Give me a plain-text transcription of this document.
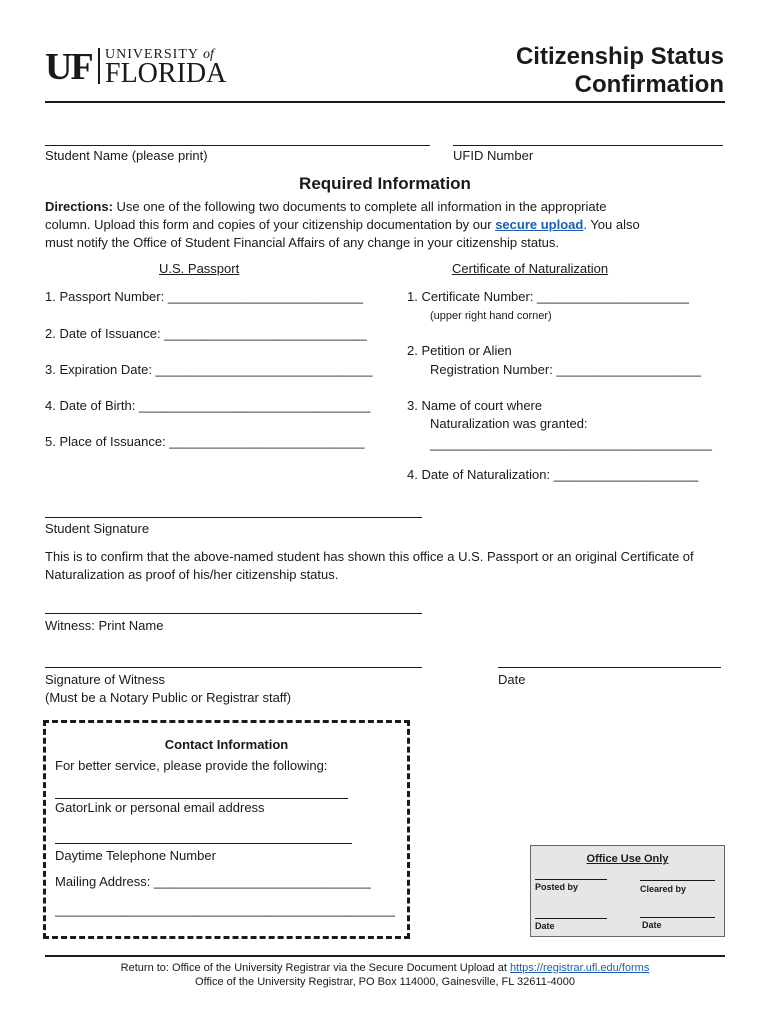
UF UNIVERSITY of
FLORIDA
Citizenship Status
Confirmation
Student Name (please print)	UFID Number
Required Information
Directions: Use one of the following two documents to complete all information in the appropriate column. Upload this form and copies of your citizenship documentation by our secure upload. You also must notify the Office of Student Financial Affairs of any change in your citizenship status.
U.S. Passport
1. Passport Number: ___________________________
2. Date of Issuance: ____________________________
3. Expiration Date: ______________________________
4. Date of Birth: ________________________________
5. Place of Issuance: ___________________________
Certificate of Naturalization
1. Certificate Number: _____________________
(upper right hand corner)
2. Petition or Alien
Registration Number: ____________________
3. Name of court where
Naturalization was granted:
_______________________________________
4. Date of Naturalization: ____________________
Student Signature
This is to confirm that the above-named student has shown this office a U.S. Passport or an original Certificate of Naturalization as proof of his/her citizenship status.
Witness: Print Name
Signature of Witness
(Must be a Notary Public or Registrar staff)
Date
Contact Information
For better service, please provide the following:
GatorLink or personal email address
Daytime Telephone Number
Mailing Address: ______________________________
_______________________________________________
Office Use Only
Posted by	Cleared by
Date	Date
Return to: Office of the University Registrar via the Secure Document Upload at https://registrar.ufl.edu/forms
Office of the University Registrar, PO Box 114000, Gainesville, FL 32611-4000
